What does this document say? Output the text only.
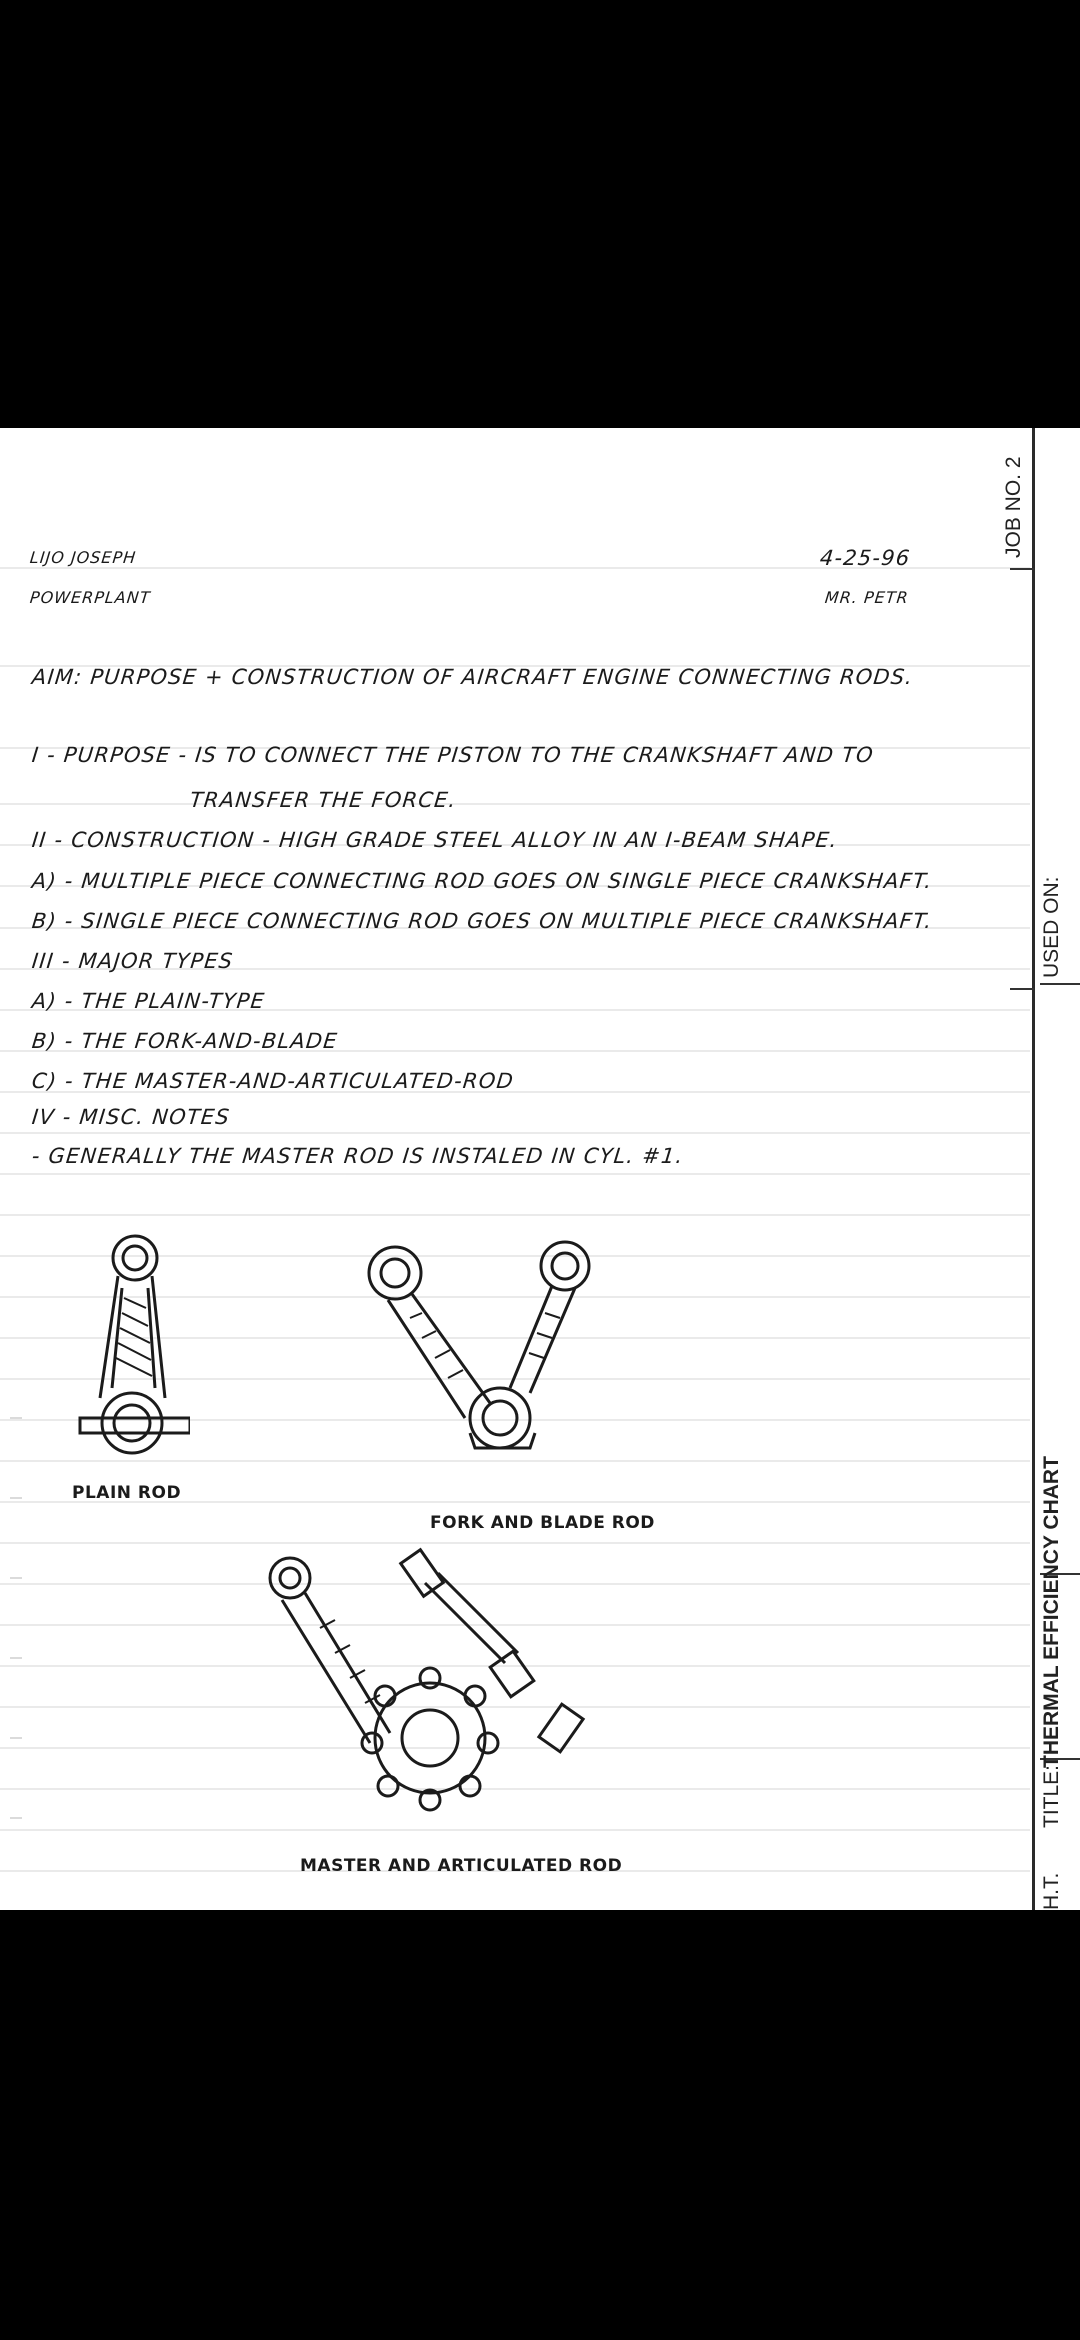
JOB NO. 2
USED ON:
TITLE:
THERMAL EFFICIENCY CHART
H.T.
LIJO JOSEPH
POWERPLANT
4-25-96
MR. PETR
AIM: PURPOSE + CONSTRUCTION OF AIRCRAFT ENGINE CONNECTING RODS.
I - PURPOSE - IS TO CONNECT THE PISTON TO THE CRANKSHAFT AND TO
TRANSFER THE FORCE.
II - CONSTRUCTION - HIGH GRADE STEEL ALLOY IN AN I-BEAM SHAPE.
A) - MULTIPLE PIECE CONNECTING ROD GOES ON SINGLE PIECE CRANKSHAFT.
B) - SINGLE PIECE CONNECTING ROD GOES ON MULTIPLE PIECE CRANKSHAFT.
III - MAJOR TYPES
A) - THE PLAIN-TYPE
B) - THE FORK-AND-BLADE
C) - THE MASTER-AND-ARTICULATED-ROD
IV - MISC. NOTES
- GENERALLY THE MASTER ROD IS INSTALED IN CYL. #1.
PLAIN ROD
FORK AND BLADE ROD
MASTER AND ARTICULATED ROD
